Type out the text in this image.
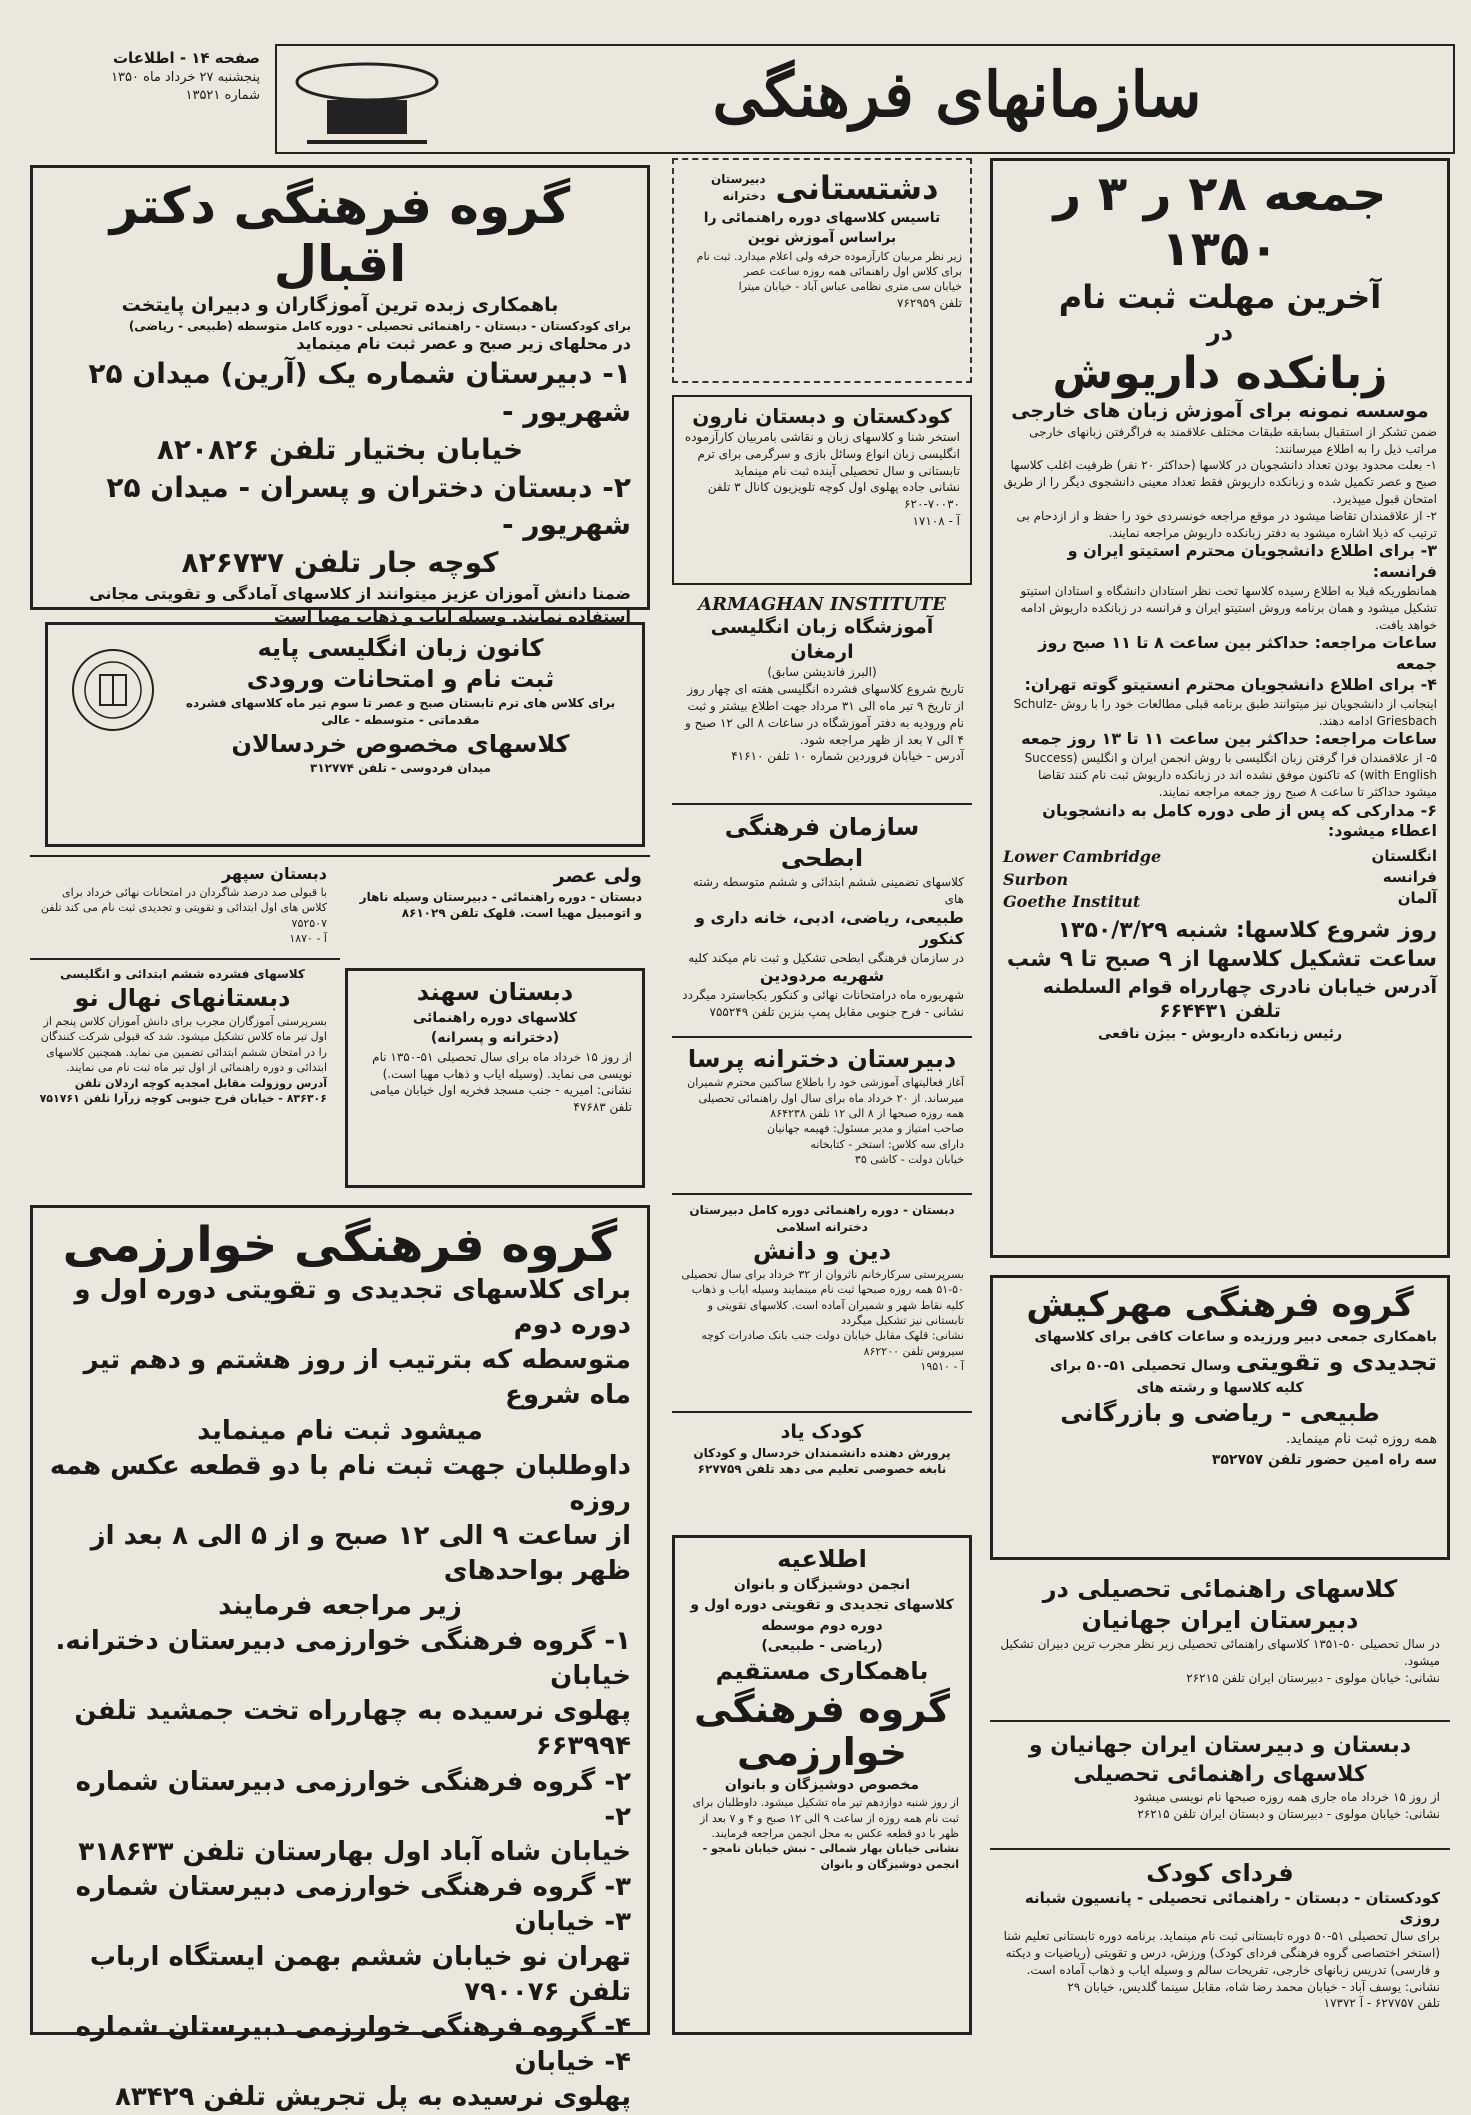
صفحه ۱۴ - اطلاعات
پنجشنبه ۲۷ خرداد ماه ۱۳۵۰
شماره ۱۳۵۲۱	سازمانهای فرهنگی
جمعه ۲۸ ر ۳ ر ۱۳۵۰
آخرین مهلت ثبت نام
در
زبانکده داریوش
موسسه نمونه برای آموزش زبان های خارجی
ضمن تشکر از استقبال بسابقه طبقات مختلف علاقمند به فراگرفتن زبانهای خارجی مراتب ذیل را به اطلاع میرسانند:
۱- بعلت محدود بودن تعداد دانشجویان در کلاسها (حداکثر ۲۰ نفر) ظرفیت اغلب کلاسها صبح و عصر تکمیل شده و زبانکده داریوش فقط تعداد معینی دانشجوی دیگر را از طریق امتحان قبول میپذیرد.
۲- از علاقمندان تقاضا میشود در موقع مراجعه خونسردی خود را حفظ و از ازدحام بی ترتیب که ذیلا اشاره میشود به دفتر زبانکده داریوش مراجعه نمایند.
۳- برای اطلاع دانشجویان محترم استیتو ایران و فرانسه:
همانطوریکه قبلا به اطلاع رسیده کلاسها تحت نظر استادان دانشگاه و استادان استیتو تشکیل میشود و همان برنامه وروش استیتو ایران و فرانسه در زبانکده داریوش ادامه خواهد یافت.
ساعات مراجعه: حداکثر بین ساعت ۸ تا ۱۱ صبح روز جمعه
۴- برای اطلاع دانشجویان محترم انستیتو گوته تهران:
اینجانب از دانشجویان نیز میتوانند طبق برنامه قبلی مطالعات خود را با روش Schulz-Griesbach ادامه دهند.
ساعات مراجعه: حداکثر بین ساعت ۱۱ تا ۱۳ روز جمعه
۵- از علاقمندان فرا گرفتن زبان انگلیسی با روش انجمن ایران و انگلیس (Success with English) که تاکنون موفق نشده اند در زبانکده داریوش ثبت نام کنند تقاضا میشود حداکثر تا ساعت ۸ صبح روز جمعه مراجعه نمایند.
۶- مدارکی که پس از طی دوره کامل به دانشجویان اعطاء میشود:
انگلستان
فرانسه
آلمان
Lower Cambridge
Surbon
Goethe Institut
روز شروع کلاسها: شنبه ۱۳۵۰/۳/۲۹
ساعت تشکیل کلاسها از ۹ صبح تا ۹ شب
آدرس خیابان نادری چهارراه قوام السلطنه
تلفن ۶۶۴۴۳۱
رئیس زبانکده داریوش - بیژن نافعی
گروه فرهنگی مهرکیش
باهمکاری جمعی دبیر ورزیده و ساعات کافی برای کلاسهای
تجدیدی و تقویتی وسال تحصیلی ۵۱-۵۰ برای
کلیه کلاسها و رشته های
طبیعی - ریاضی و بازرگانی
همه روزه ثبت نام مینماید.
سه راه امین حضور تلفن ۳۵۲۷۵۷
کلاسهای راهنمائی تحصیلی در دبیرستان ایران جهانیان
در سال تحصیلی ۵۰-۱۳۵۱ کلاسهای راهنمائی تحصیلی زیر نظر مجرب ترین دبیران تشکیل میشود.
نشانی: خیابان مولوی - دبیرستان ایران تلفن ۲۶۲۱۵
دبستان و دبیرستان ایران جهانیان و کلاسهای راهنمائی تحصیلی
از روز ۱۵ خرداد ماه جاری همه روزه صبحها نام نویسی میشود
نشانی: خیابان مولوی - دبیرستان و دبستان ایران تلفن ۲۶۲۱۵
فردای کودک
کودکستان - دبستان - راهنمائی تحصیلی - پانسیون شبانه روزی
برای سال تحصیلی ۵۱-۵۰ دوره تابستانی ثبت نام مینماید. برنامه دوره تابستانی تعلیم شنا (استخر اختصاصی گروه فرهنگی فردای کودک) ورزش، درس و تقویتی (ریاضیات و دیکته و فارسی) تدریس زبانهای خارجی، تفریحات سالم و وسیله ایاب و ذهاب آماده است.
نشانی: یوسف آباد - خیابان محمد رضا شاه، مقابل سینما گلدیس، خیابان ۲۹
تلفن ۶۲۷۷۵۷ - آ ۱۷۳۷۲
دشتستانی
دبیرستان دخترانه
تاسیس کلاسهای دوره راهنمائی را براساس آموزش نوین
زیر نظر مربیان کارآزموده حرفه ولی اعلام میدارد. ثبت نام برای کلاس اول راهنمائی همه روزه ساعت عصر
خیابان سی متری نظامی عباس آباد - خیابان میترا
تلفن ۷۶۲۹۵۹
کودکستان و دبستان نارون
استخر شنا و کلاسهای زبان و نقاشی بامربیان کارآزموده انگلیسی زبان انواع وسائل بازی و سرگرمی برای ترم تابستانی و سال تحصیلی آینده ثبت نام مینماید
نشانی جاده پهلوی اول کوچه تلویزیون کانال ۳ تلفن ۷۰۰۳۰-۶۲۰
آ - ۱۷۱۰۸
ARMAGHAN INSTITUTE
آموزشگاه زبان انگلیسی ارمغان
(البرز فاندیشن سابق)
تاریخ شروع کلاسهای فشرده انگلیسی هفته ای چهار روز از تاریخ ۹ تیر ماه الی ۳۱ مرداد جهت اطلاع بیشتر و ثبت نام ورودیه به دفتر آموزشگاه در ساعات ۸ الی ۱۲ صبح و ۴ الی ۷ بعد از ظهر مراجعه شود.
آدرس - خیابان فروردین شماره ۱۰ تلفن ۴۱۶۱۰
سازمان فرهنگی ابطحی
کلاسهای تضمینی ششم ابتدائی و ششم متوسطه رشته های
طبیعی، ریاضی، ادبی، خانه داری و کنکور
در سازمان فرهنگی ابطحی تشکیل و ثبت نام میکند کلیه
شهریه مردودین
شهریوره ماه درامتحانات نهائی و کنکور بکجاسترد میگردد نشانی - فرح جنوبی مقابل پمپ بنزین تلفن ۷۵۵۲۴۹
دبیرستان دخترانه پرسا
آغاز فعالیتهای آموزشی خود را باطلاع ساکنین محترم شمیران میرساند. از ۲۰ خرداد ماه برای سال اول راهنمائی تحصیلی همه روزه صبحها از ۸ الی ۱۲ تلفن ۸۶۴۲۳۸
صاحب امتیاز و مدیر مسئول: فهیمه جهانیان
دارای سه کلاس: استخر - کتابخانه
خیابان دولت - کاشی ۳۵
دبستان - دوره راهنمائی دوره کامل دبیرستان دخترانه اسلامی
دین و دانش
بسرپرستی سرکارخانم ناثروان از ۳۲ خرداد برای سال تحصیلی ۵۰-۵۱ همه روزه صبحها ثبت نام مینمایند وسیله ایاب و ذهاب کلیه نقاط شهر و شمیران آماده است. کلاسهای تقویتی و تابستانی نیز تشکیل میگردد
نشانی: قلهک مقابل خیابان دولت جنب بانک صادرات کوچه سیروس تلفن ۸۶۲۲۰۰
آ - ۱۹۵۱۰
کودک یاد
پرورش دهنده دانشمندان خردسال و کودکان نابغه خصوصی تعلیم می دهد تلفن ۶۲۷۷۵۹
اطلاعیه
انجمن دوشیزگان و بانوان
کلاسهای تجدیدی و تقویتی دوره اول و دوره دوم موسطه
(ریاضی - طبیعی)
باهمکاری مستقیم
گروه فرهنگی
خوارزمی
مخصوص دوشیزگان و بانوان
از روز شنبه دوازدهم تیر ماه تشکیل میشود. داوطلبان برای ثبت نام همه روزه از ساعت ۹ الی ۱۲ صبح و ۴ و ۷ بعد از ظهر با دو قطعه عکس به محل انجمن مراجعه فرمایند.
نشانی خیابان بهار شمالی - نبش خیابان نامجو - انجمن دوشیزگان و بانوان
گروه فرهنگی دکتر اقبال
باهمکاری زبده ترین آموزگاران و دبیران پایتخت
برای کودکستان - دبستان - راهنمائی تحصیلی - دوره کامل متوسطه (طبیعی - ریاضی)
در محلهای زیر صبح و عصر ثبت نام مینماید
۱- دبیرستان شماره یک (آرین) میدان ۲۵ شهریور -
خیابان بختیار تلفن ۸۲۰۸۲۶
۲- دبستان دختران و پسران - میدان ۲۵ شهریور -
کوچه جار تلفن ۸۲۶۷۳۷
ضمنا دانش آموزان عزیز میتوانند از کلاسهای آمادگی و تقویتی مجانی استفاده نمایند. وسیله ایاب و ذهاب مهیا است
کانون زبان انگلیسی پایه
ثبت نام و امتحانات ورودی
برای کلاس های ترم تابستان صبح و عصر تا سوم تیر ماه کلاسهای فشرده مقدماتی - متوسطه - عالی
کلاسهای مخصوص خردسالان
میدان فردوسی - تلفن ۳۱۲۷۷۴
ولی عصر
دبستان - دوره راهنمائی - دبیرستان وسیله ناهار و اتومبیل مهیا است. قلهک تلفن ۸۶۱۰۲۹
دبستان سپهر
با قبولی صد درصد شاگردان در امتحانات نهائی خرداد برای کلاس های اول ابتدائی و تقویتی و تجدیدی ثبت نام می کند تلفن ۷۵۲۵۰۷
آ - ۱۸۷۰
کلاسهای فشرده ششم ابتدائی و انگلیسی
دبستانهای نهال نو
بسرپرستی آموزگاران مجرب برای دانش آموزان کلاس پنجم از اول تیر ماه کلاس تشکیل میشود. شد که قبولی شرکت کنندگان را در امتحان ششم ابتدائی تضمین می نماید. همچنین کلاسهای ابتدائی و دوره راهنمائی از اول تیر ماه ثبت نام می نمایند.
آدرس روزولت مقابل امجدیه کوچه اردلان تلفن ۸۳۶۳۰۶ - خیابان فرح جنوبی کوچه زرآرا تلفن ۷۵۱۷۶۱
دبستان سهند
کلاسهای دوره راهنمائی
(دخترانه و پسرانه)
از روز ۱۵ خرداد ماه برای سال تحصیلی ۵۱-۱۳۵۰ نام نویسی می نماید. (وسیله ایاب و ذهاب مهیا است.)
نشانی: امیریه - جنب مسجد فخریه اول خیابان میامی تلفن ۴۷۶۸۳
گروه فرهنگی خوارزمی
برای کلاسهای تجدیدی و تقویتی دوره اول و دوره دوم
متوسطه که بترتیب از روز هشتم و دهم تیر ماه شروع
میشود ثبت نام مینماید
داوطلبان جهت ثبت نام با دو قطعه عکس همه روزه
از ساعت ۹ الی ۱۲ صبح و از ۵ الی ۸ بعد از ظهر بواحدهای
زیر مراجعه فرمایند
۱- گروه فرهنگی خوارزمی دبیرستان دخترانه. خیابان
پهلوی نرسیده به چهارراه تخت جمشید تلفن ۶۶۳۹۹۴
۲- گروه فرهنگی خوارزمی دبیرستان شماره ۲-
خیابان شاه آباد اول بهارستان تلفن ۳۱۸۶۳۳
۳- گروه فرهنگی خوارزمی دبیرستان شماره ۳- خیابان
تهران نو خیابان ششم بهمن ایستگاه ارباب تلفن ۷۹۰۰۷۶
۴- گروه فرهنگی خوارزمی دبیرستان شماره ۴- خیابان
پهلوی نرسیده به پل تجریش تلفن ۸۳۴۲۹
